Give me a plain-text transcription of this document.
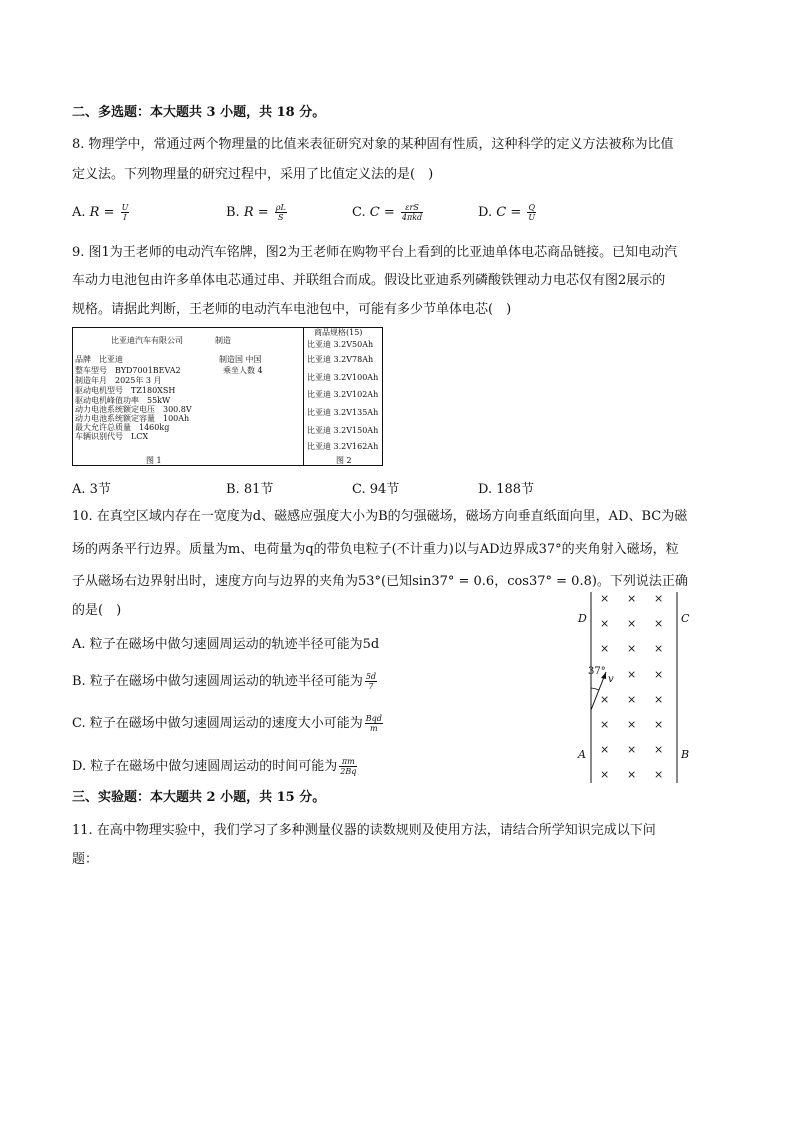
二、多选题：本大题共 3 小题，共 18 分。
8. 物理学中，常通过两个物理量的比值来表征研究对象的某种固有性质，这种科学的定义方法被称为比值
定义法。下列物理量的研究过程中，采用了比值定义法的是(　)
A. $R = \frac{U}{I}$	B. $R = \frac{\rho L}{S}$	C. $C = \frac{\text{εrS}}{\text{4πkd}}$	D. $C = \frac{Q}{U}$
9. 图1为王老师的电动汽车铭牌，图2为王老师在购物平台上看到的比亚迪单体电芯商品链接。已知电动汽
车动力电池包由许多单体电芯通过串、并联组合而成。假设比亚迪系列磷酸铁锂动力电芯仅有图2展示的
规格。请据此判断，王老师的电动汽车电池包中，可能有多少节单体电芯(　)
比亚迪汽车有限公司	制造
品牌　比亚迪	制造国 中国
整车型号　BYD7001BEVA2	乘坐人数 4
制造年月　2025年 3 月
驱动电机型号　TZ180XSH
驱动电机峰值功率　55kW
动力电池系统额定电压　300.8V
动力电池系统额定容量　100Ah
最大允许总质量　1460kg
车辆识别代号　LCX
图 1
商品规格(15)
比亚迪 3.2V50Ah
比亚迪 3.2V78Ah
比亚迪 3.2V100Ah
比亚迪 3.2V102Ah
比亚迪 3.2V135Ah
比亚迪 3.2V150Ah
比亚迪 3.2V162Ah
图 2
A. 3节	B. 81节	C. 94节	D. 188节
10. 在真空区域内存在一宽度为d、磁感应强度大小为B的匀强磁场，磁场方向垂直纸面向里，AD、BC为磁
场的两条平行边界。质量为m、电荷量为q的带负电粒子(不计重力)以与AD边界成37°的夹角射入磁场，粒
子从磁场右边界射出时，速度方向与边界的夹角为53°(已知sin37° = 0.6，cos37° = 0.8)。下列说法正确
的是(　)
A. 粒子在磁场中做匀速圆周运动的轨迹半径可能为5d
B. 粒子在磁场中做匀速圆周运动的轨迹半径可能为 $\frac{5d}{7}$
C. 粒子在磁场中做匀速圆周运动的速度大小可能为 $\frac{\text{Bqd}}{m}$
D. 粒子在磁场中做匀速圆周运动的时间可能为 $\frac{\pi m}{2Bq}$
D	C
A	B
37°
v
× × ×
× × ×
× × ×
× ×
× × ×
× × ×
× × ×
× × ×
三、实验题：本大题共 2 小题，共 15 分。
11. 在高中物理实验中，我们学习了多种测量仪器的读数规则及使用方法，请结合所学知识完成以下问
题：
